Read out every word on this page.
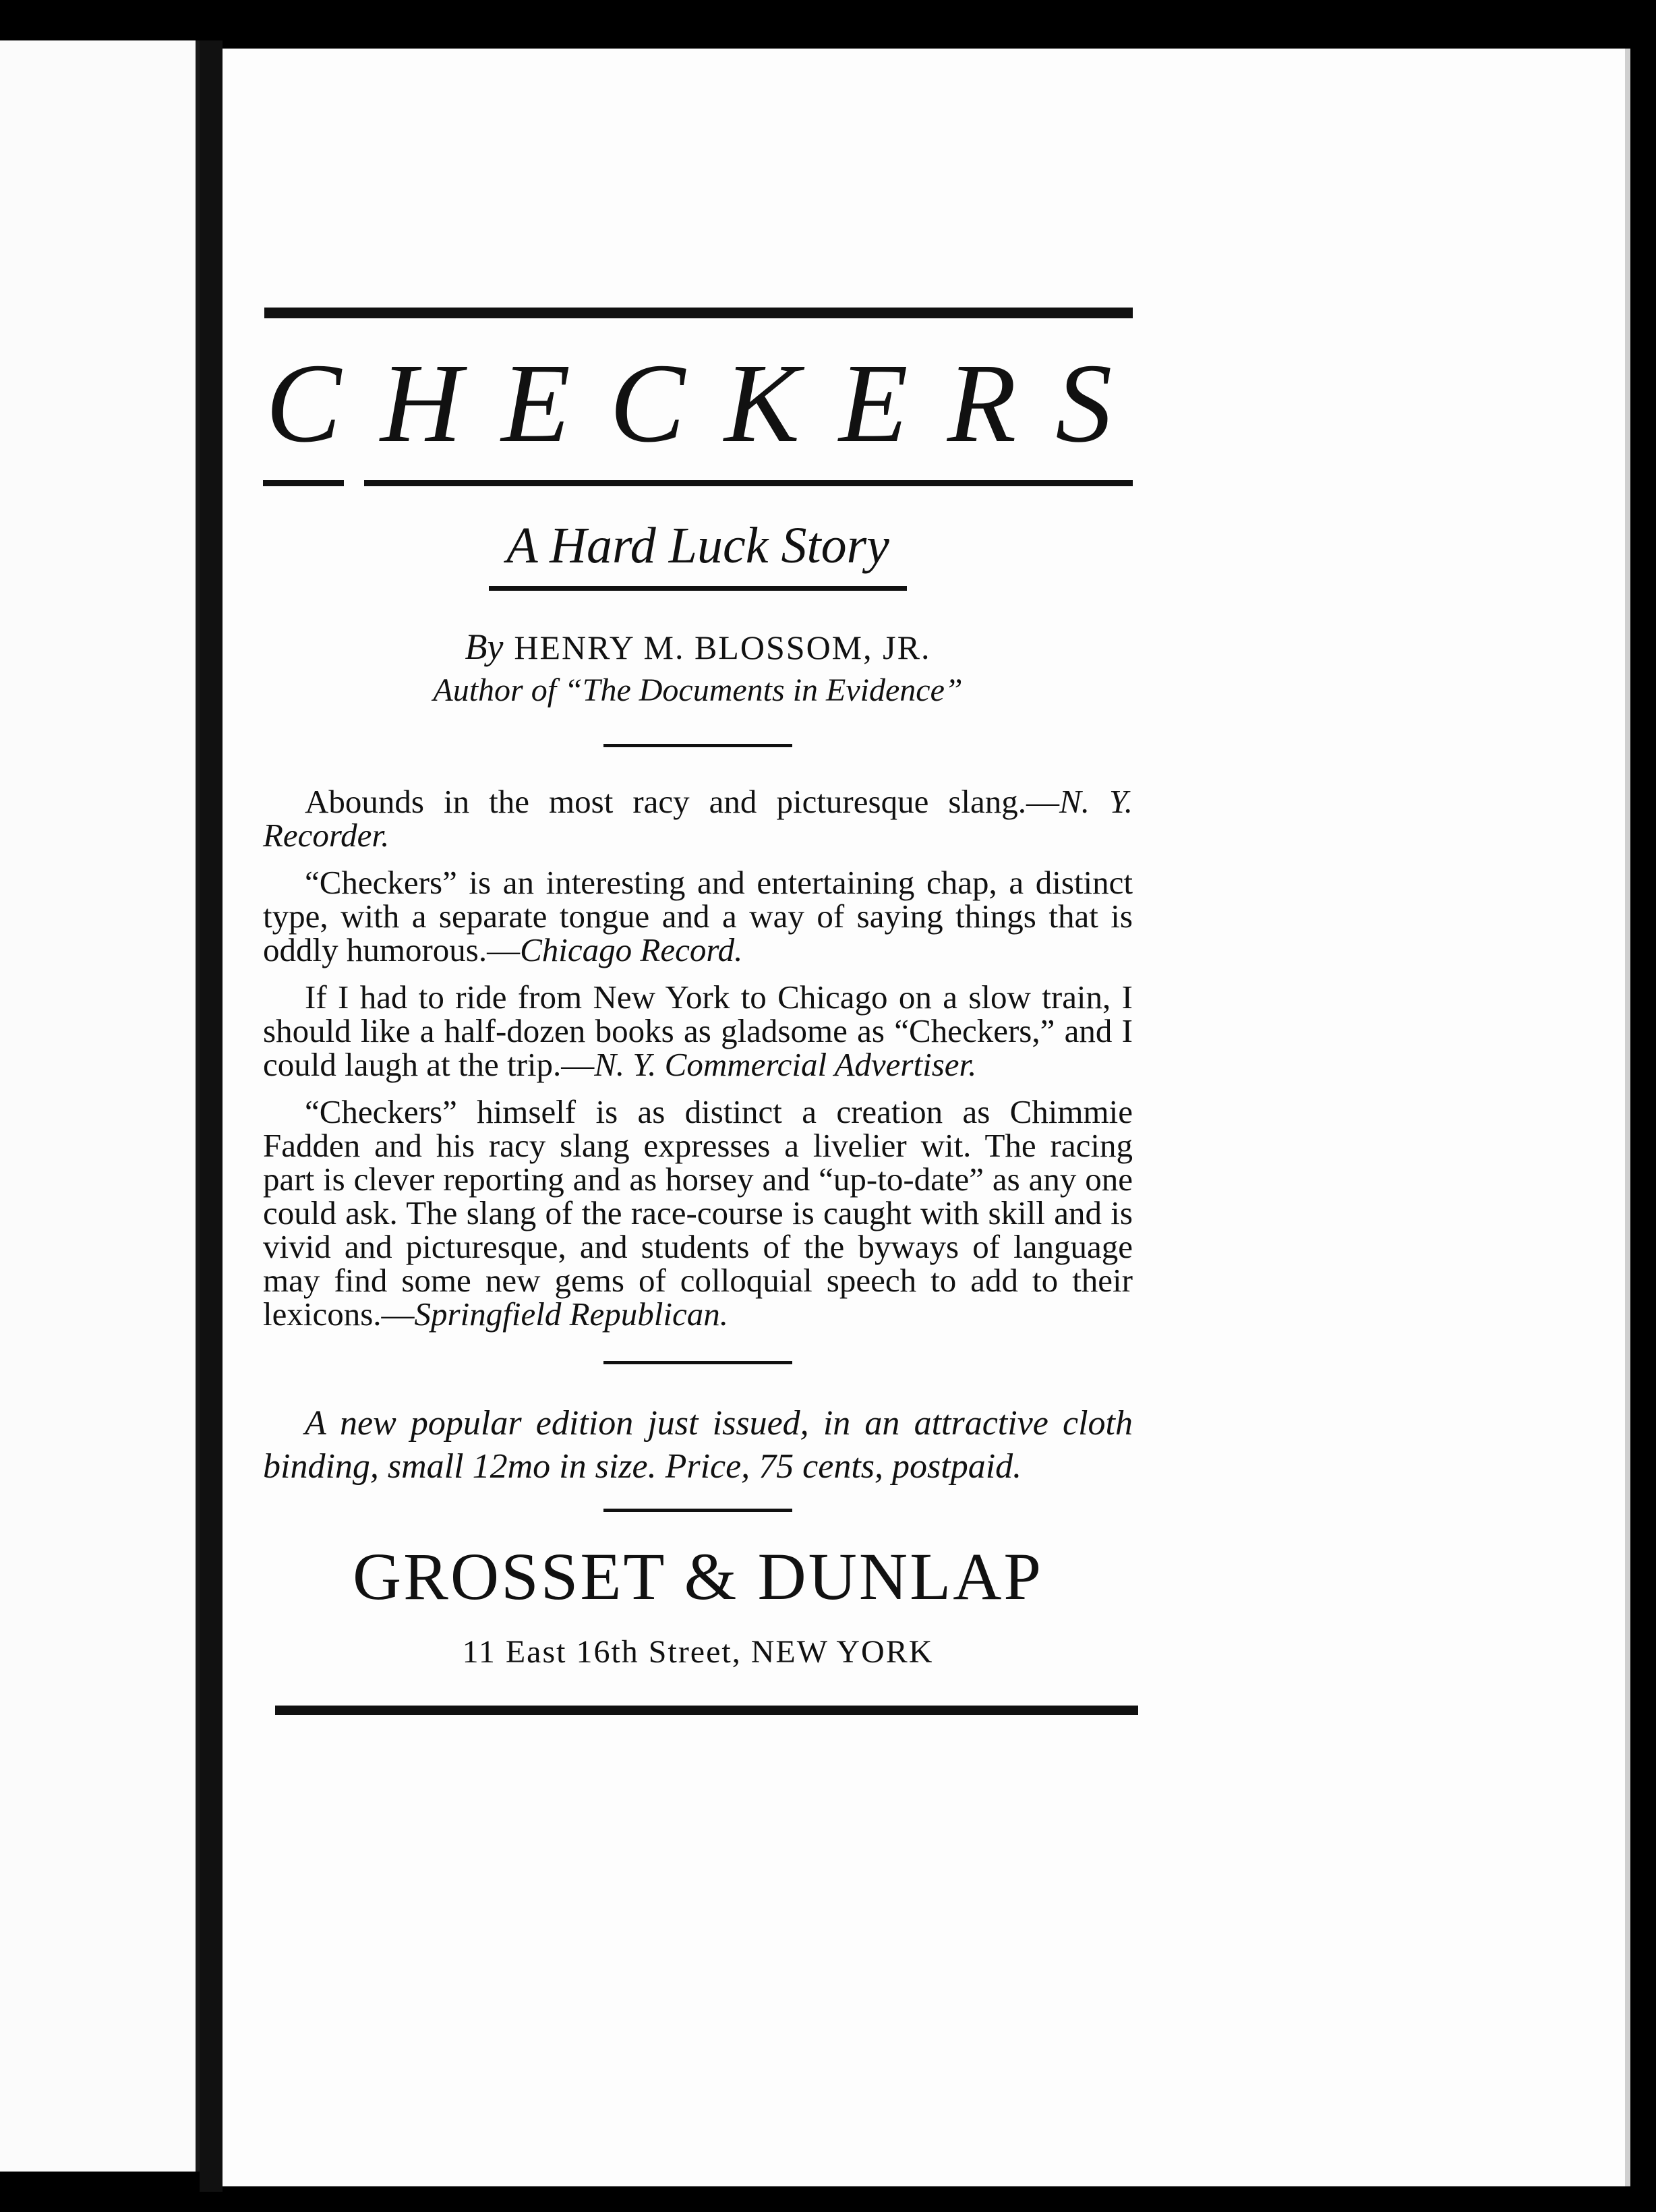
CHECKERS
A Hard Luck Story
By HENRY M. BLOSSOM, JR.
Author of “The Documents in Evidence”

Abounds in the most racy and picturesque slang.—N. Y. Recorder.

“Checkers” is an interesting and entertaining chap, a distinct type, with a separate tongue and a way of saying things that is oddly humorous.—Chicago Record.

If I had to ride from New York to Chicago on a slow train, I should like a half-dozen books as gladsome as “Checkers,” and I could laugh at the trip.—N. Y. Commercial Advertiser.

“Checkers” himself is as distinct a creation as Chimmie Fadden and his racy slang expresses a livelier wit. The racing part is clever reporting and as horsey and “up-to-date” as any one could ask. The slang of the race-course is caught with skill and is vivid and picturesque, and students of the byways of language may find some new gems of colloquial speech to add to their lexicons.—Springfield Republican.

A new popular edition just issued, in an attractive cloth binding, small 12mo in size. Price, 75 cents, postpaid.
GROSSET & DUNLAP
11 East 16th Street, NEW YORK
